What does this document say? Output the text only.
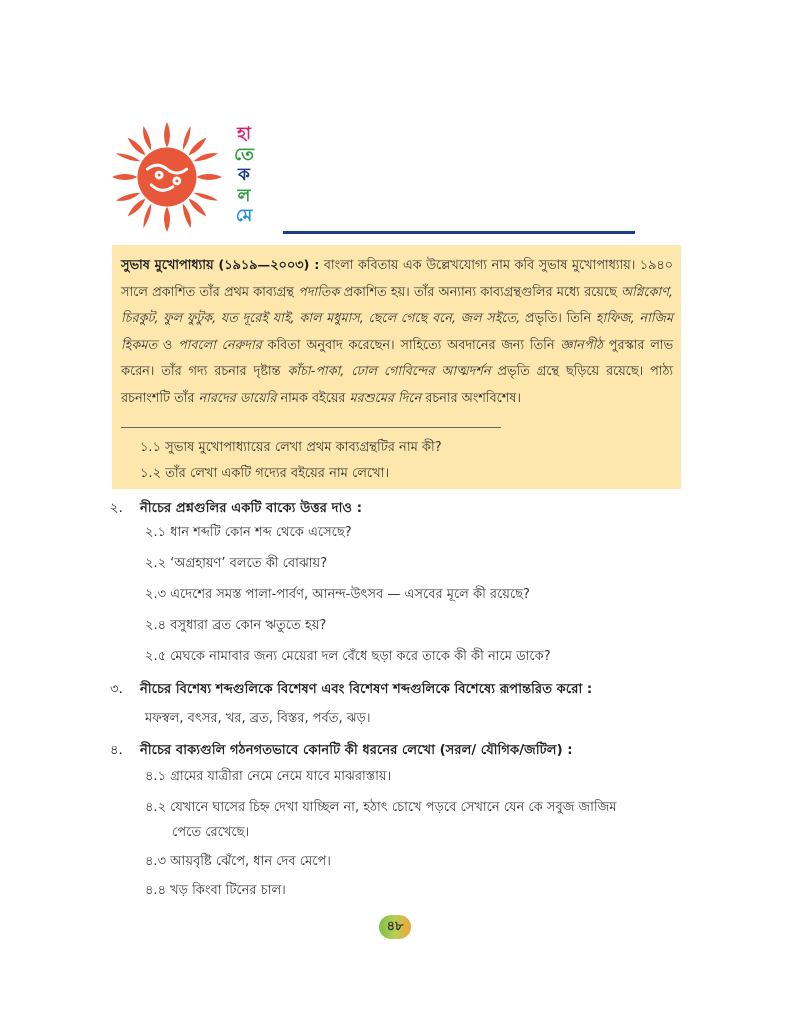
হা
তে
ক
ল
মে
সুভাষ মুখোপাধ্যায় (১৯১৯—২০০৩) : বাংলা কবিতায় এক উল্লেখযোগ্য নাম কবি সুভাষ মুখোপাধ্যায়। ১৯৪০ সালে প্রকাশিত তাঁর প্রথম কাব্যগ্রন্থ পদাতিক প্রকাশিত হয়। তাঁর অন্যান্য কাব্যগ্রন্থগুলির মধ্যে রয়েছে অগ্নিকোণ, চিরকুট, ফুল ফুটুক, যত দূরেই যাই, কাল মধুমাস, ছেলে গেছে বনে, জল সইতে, প্রভৃতি। তিনি হাফিজ, নাজিম হিকমত ও পাবলো নেরুদার কবিতা অনুবাদ করেছেন। সাহিত্যে অবদানের জন্য তিনি জ্ঞানপীঠ পুরস্কার লাভ করেন। তাঁর গদ্য রচনার দৃষ্টান্ত কাঁচা-পাকা, ঢোল গোবিন্দের আত্মদর্শন প্রভৃতি গ্রন্থে ছড়িয়ে রয়েছে। পাঠ্য রচনাংশটি তাঁর নারদের ডায়েরি নামক বইয়ের মরশুমের দিনে রচনার অংশবিশেষ।
১.১ সুভাষ মুখোপাধ্যায়ের লেখা প্রথম কাব্যগ্রন্থটির নাম কী?
১.২ তাঁর লেখা একটি গদ্যের বইয়ের নাম লেখো।
২. নীচের প্রশ্নগুলির একটি বাক্যে উত্তর দাও :
২.১ ধান শব্দটি কোন শব্দ থেকে এসেছে?
২.২ ‘অগ্রহায়ণ’ বলতে কী বোঝায়?
২.৩ এদেশের সমস্ত পালা-পার্বণ, আনন্দ-উৎসব — এসবের মূলে কী রয়েছে?
২.৪ বসুধারা ব্রত কোন ঋতুতে হয়?
২.৫ মেঘকে নামাবার জন্য মেয়েরা দল বেঁধে ছড়া করে তাকে কী কী নামে ডাকে?
৩. নীচের বিশেষ্য শব্দগুলিকে বিশেষণ এবং বিশেষণ শব্দগুলিকে বিশেষ্যে রূপান্তরিত করো :
মফস্বল, বৎসর, খর, ব্রত, বিস্তর, পর্বত, ঝড়।
৪. নীচের বাক্যগুলি গঠনগতভাবে কোনটি কী ধরনের লেখো (সরল/ যৌগিক/জটিল) :
৪.১ গ্রামের যাত্রীরা নেমে নেমে যাবে মাঝরাস্তায়।
৪.২ যেখানে ঘাসের চিহ্ন দেখা যাচ্ছিল না, হঠাৎ চোখে পড়বে সেখানে যেন কে সবুজ জাজিম
পেতে রেখেছে।
৪.৩ আয়বৃষ্টি ঝেঁপে, ধান দেব মেপে।
৪.৪ খড় কিংবা টিনের চাল।
৪৮
